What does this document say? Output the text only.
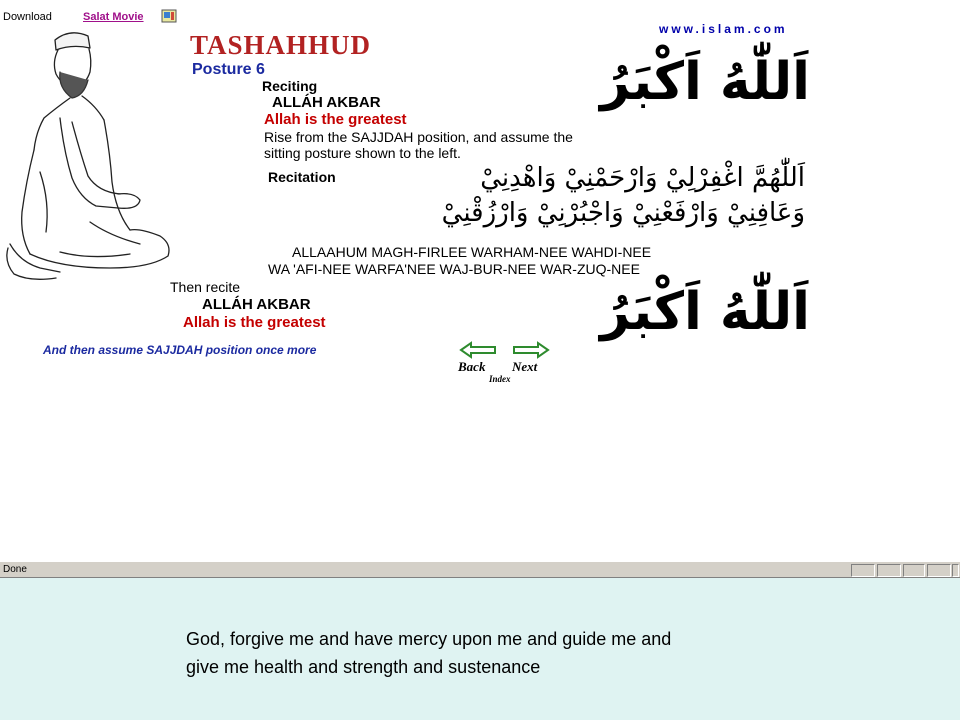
Download	Salat Movie
www.islam.com
TASHAHHUD
Posture 6
Reciting
ALLÁH AKBAR
Allah is the greatest
Rise from the SAJJDAH position, and assume the
sitting posture shown to the left.
اَللّٰهُ اَكْبَرُ
Recitation	اَللّٰهُمَّ اغْفِرْلِيْ وَارْحَمْنِيْ وَاهْدِنِيْ
وَعَافِنِيْ وَارْفَعْنِيْ وَاجْبُرْنِيْ وَارْزُقْنِيْ
ALLAAHUM MAGH-FIRLEE WARHAM-NEE WAHDI-NEE
WA 'AFI-NEE WARFA'NEE WAJ-BUR-NEE WAR-ZUQ-NEE
Then recite
ALLÁH AKBAR
Allah is the greatest	اَللّٰهُ اَكْبَرُ
And then assume SAJJDAH position once more
Back Next
Index
Done
God, forgive me and have mercy upon me and guide me and
give me health and strength and sustenance
